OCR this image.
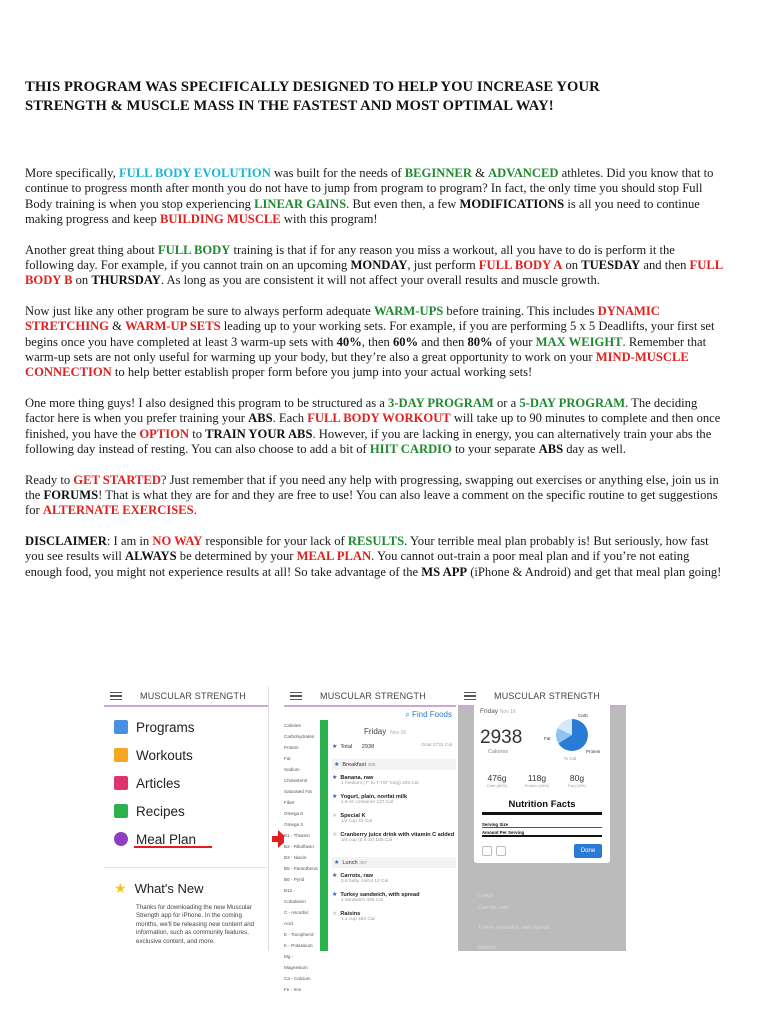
THIS PROGRAM WAS SPECIFICALLY DESIGNED TO HELP YOU INCREASE YOUR
STRENGTH & MUSCLE MASS IN THE FASTEST AND MOST OPTIMAL WAY!

More specifically, FULL BODY EVOLUTION was built for the needs of BEGINNER & ADVANCED athletes. Did you know that to continue to progress month after month you do not have to jump from program to program? In fact, the only time you should stop Full Body training is when you stop experiencing LINEAR GAINS. But even then, a few MODIFICATIONS is all you need to continue making progress and keep BUILDING MUSCLE with this program!

Another great thing about FULL BODY training is that if for any reason you miss a workout, all you have to do is perform it the following day. For example, if you cannot train on an upcoming MONDAY, just perform FULL BODY A on TUESDAY and then FULL BODY B on THURSDAY. As long as you are consistent it will not affect your overall results and muscle growth.

Now just like any other program be sure to always perform adequate WARM-UPS before training. This includes DYNAMIC STRETCHING & WARM-UP SETS leading up to your working sets. For example, if you are performing 5 x 5 Deadlifts, your first set begins once you have completed at least 3 warm-up sets with 40%, then 60% and then 80% of your MAX WEIGHT. Remember that warm-up sets are not only useful for warming up your body, but they’re also a great opportunity to work on your MIND-MUSCLE CONNECTION to help better establish proper form before you jump into your actual working sets!

One more thing guys! I also designed this program to be structured as a 3-DAY PROGRAM or a 5-DAY PROGRAM. The deciding factor here is when you prefer training your ABS. Each FULL BODY WORKOUT will take up to 90 minutes to complete and then once finished, you have the OPTION to TRAIN YOUR ABS. However, if you are lacking in energy, you can alternatively train your abs the following day instead of resting. You can also choose to add a bit of HIIT CARDIO to your separate ABS day as well.

Ready to GET STARTED? Just remember that if you need any help with progressing, swapping out exercises or anything else, join us in the FORUMS! That is what they are for and they are free to use! You can also leave a comment on the specific routine to get suggestions for ALTERNATE EXERCISES.

DISCLAIMER: I am in NO WAY responsible for your lack of RESULTS. Your terrible meal plan probably is! But seriously, how fast you see results will ALWAYS be determined by your MEAL PLAN. You cannot out-train a poor meal plan and if you’re not eating enough food, you might not experience results at all! So take advantage of the MS APP (iPhone & Android) and get that meal plan going!

MUSCULAR STRENGTH
Programs
Workouts
Articles
Recipes
Meal Plan
★ What's New
Thanks for downloading the new Muscular Strength app for iPhone. In the coming months, we'll be releasing new content and information, such as community features, exclusive content, and more.
MUSCULAR STRENGTH
⌕ Find Foods
Friday Nov 16
Calories
Carbohydrates
Protein
Fat
Sodium
Cholesterol
Saturated Fat
Fiber
Omega 6
Omega 3
B1 - Thiamin
B2 - Riboflavin
B3 - Niacin
B5 - Pantothenic
B6 - Pyrid
B12 - Cobalamin
C - Ascorbic Acid
E - Tocopherol
K - Potassium
Mg - Magnesium
Ca - Calcium
Fe - Iron
★ Total 2938	Goal 2731 Cal
★ Breakfast 386
★ Banana, raw
1 medium (7" to 7-7/8" long) 105 Cal
★ Yogurt, plain, nonfat milk
1.6 oz container 127 Cal
★ Special K
1/2 cup 43 Cal
★ Cranberry juice drink with vitamin C added
3/4 cup (6 fl oz) 105 Cal
★ Lunch 367
★ Carrots, raw
2.8 baby carrot 12 Cal
★ Turkey sandwich, with spread
1 sandwich 330 Cal
★ Raisins
1.1 cup 493 Cal
MUSCULAR STRENGTH
Lunch
Carrots, raw
Turkey sandwich, with spread
Raisins
Friday Nov 16
2938
Calories
Carb
Fat
Protein
% Cal
476g
Carb (66%)
118g
Protein (16%)
80g
Fat (18%)
Nutrition Facts
Serving Size
Amount Per Serving
Done
